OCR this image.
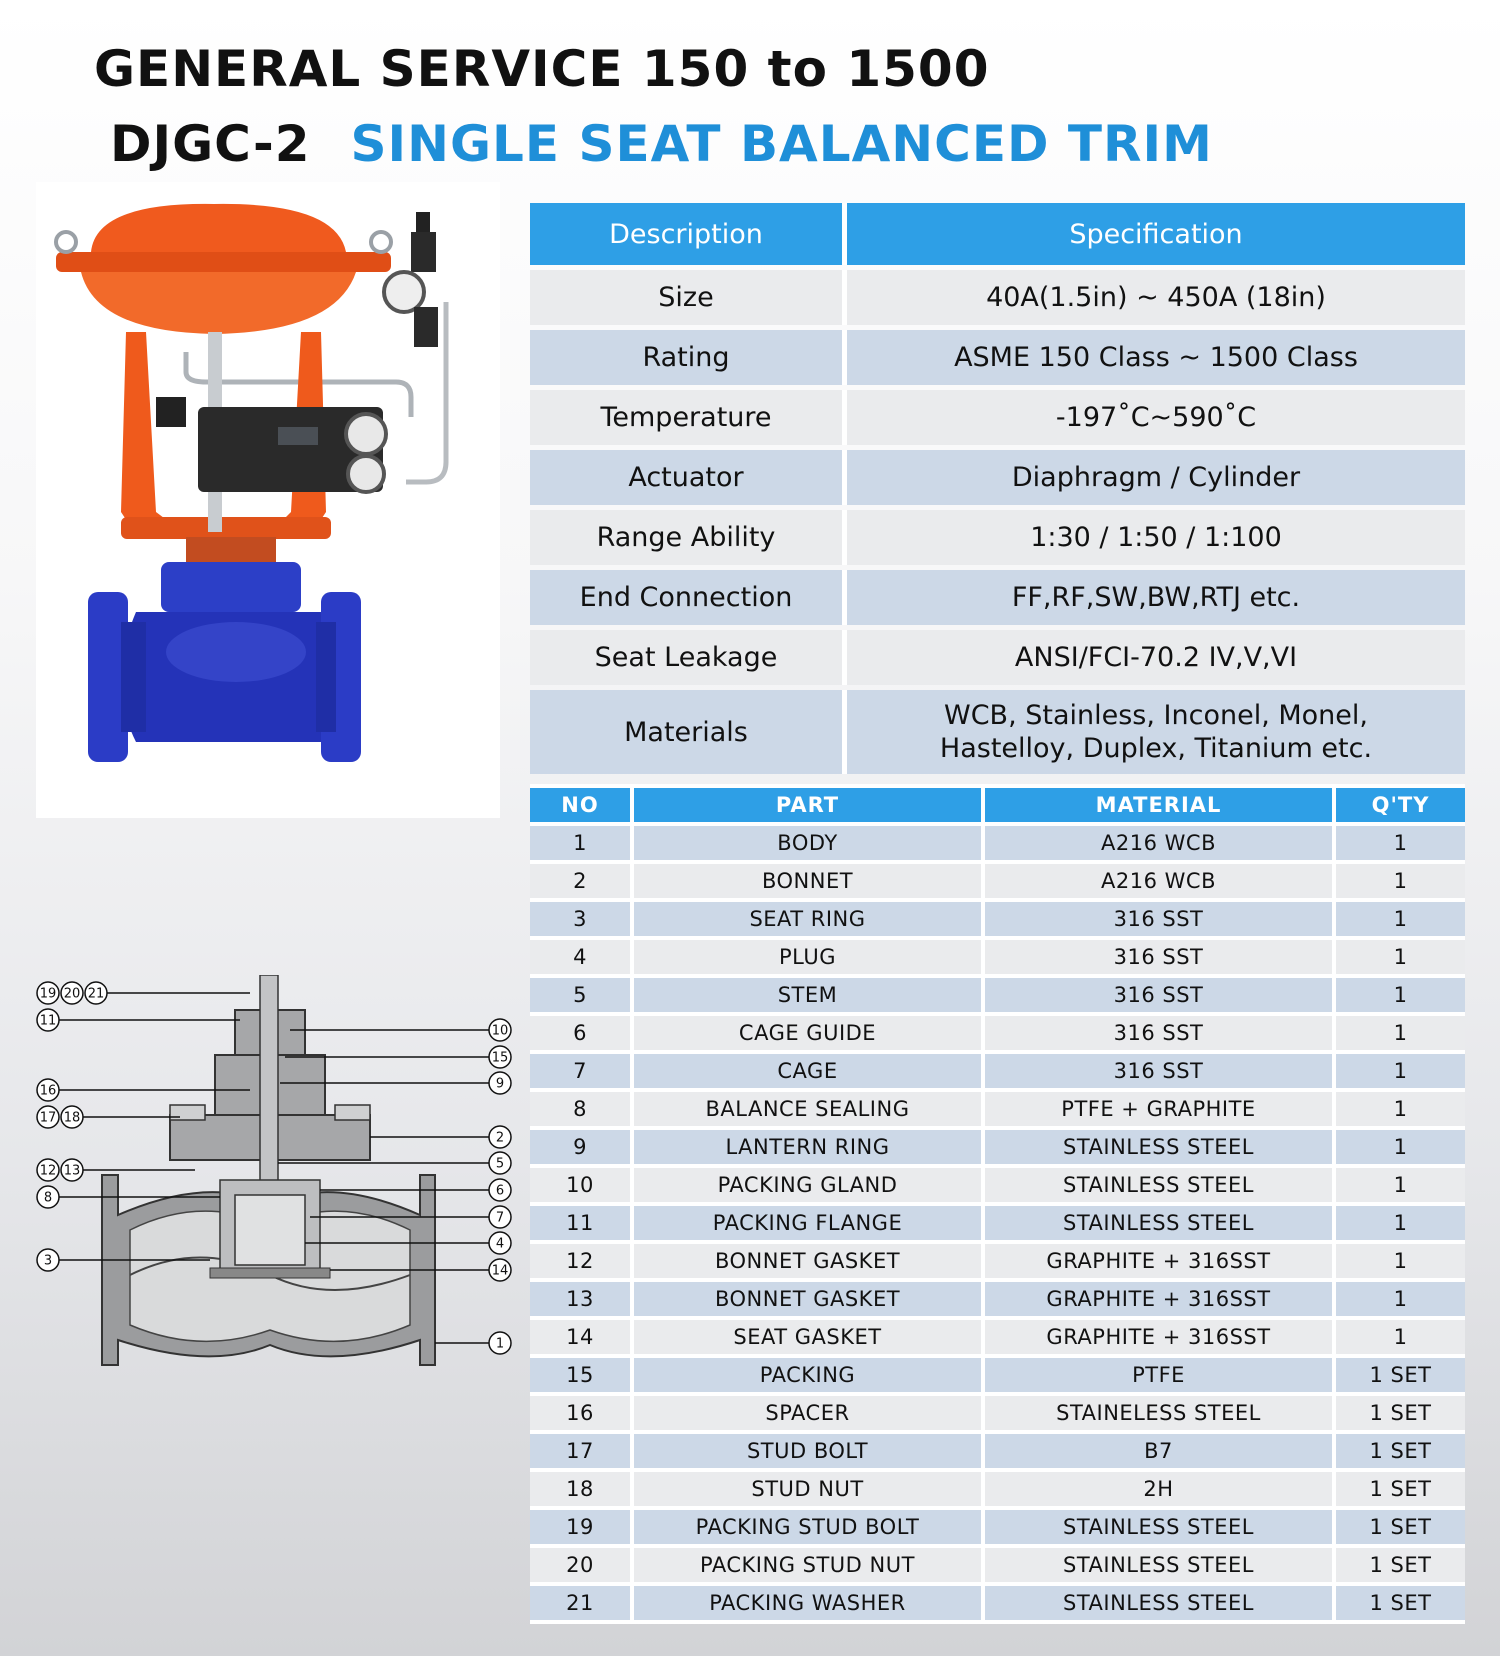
GENERAL SERVICE 150 to 1500
DJGC-2 SINGLE SEAT BALANCED TRIM
19 20 21
11
16
17 18
12 13
8
3
10
15
9
2
5
6
7
4
14
1
Description	Specification
Size	40A(1.5in) ~ 450A (18in)

Rating	ASME 150 Class ~ 1500 Class

Temperature	-197˚C~590˚C

Actuator	Diaphragm / Cylinder

Range Ability	1:30 / 1:50 / 1:100

End Connection	FF,RF,SW,BW,RTJ etc.

Seat Leakage	ANSI/FCI-70.2 IV,V,VI

Materials	WCB, Stainless, Inconel, Monel,
Hastelloy, Duplex, Titanium etc.
NO	PART	MATERIAL	Q'TY
1	BODY	A216 WCB	1
2	BONNET	A216 WCB	1
3	SEAT RING	316 SST	1
4	PLUG	316 SST	1
5	STEM	316 SST	1
6	CAGE GUIDE	316 SST	1
7	CAGE	316 SST	1
8	BALANCE SEALING	PTFE + GRAPHITE	1
9	LANTERN RING	STAINLESS STEEL	1
10	PACKING GLAND	STAINLESS STEEL	1
11	PACKING FLANGE	STAINLESS STEEL	1
12	BONNET GASKET	GRAPHITE + 316SST	1
13	BONNET GASKET	GRAPHITE + 316SST	1
14	SEAT GASKET	GRAPHITE + 316SST	1
15	PACKING	PTFE	1 SET
16	SPACER	STAINELESS STEEL	1 SET
17	STUD BOLT	B7	1 SET
18	STUD NUT	2H	1 SET
19	PACKING STUD BOLT	STAINLESS STEEL	1 SET
20	PACKING STUD NUT	STAINLESS STEEL	1 SET
21	PACKING WASHER	STAINLESS STEEL	1 SET
